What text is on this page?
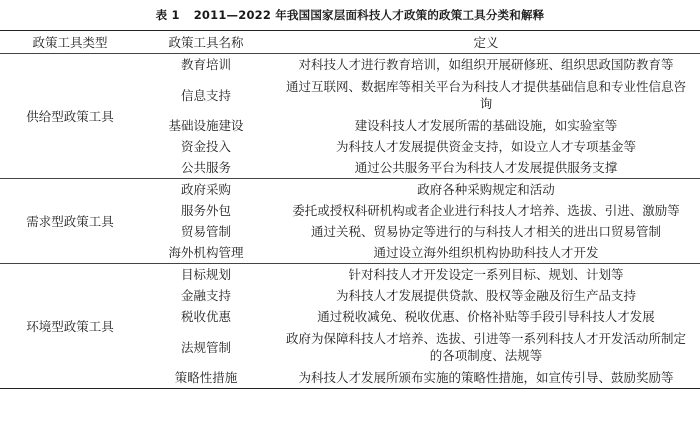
表 1 2011—2022 年我国国家层面科技人才政策的政策工具分类和解释
政策工具类型	政策工具名称	定义
供给型政策工具	教育培训	对科技人才进行教育培训，如组织开展研修班、组织思政国防教育等
	信息支持	通过互联网、数据库等相关平台为科技人才提供基础信息和专业性信息咨询
	基础设施建设	建设科技人才发展所需的基础设施，如实验室等
	资金投入	为科技人才发展提供资金支持，如设立人才专项基金等
	公共服务	通过公共服务平台为科技人才发展提供服务支撑
需求型政策工具	政府采购	政府各种采购规定和活动
	服务外包	委托或授权科研机构或者企业进行科技人才培养、选拔、引进、激励等
	贸易管制	通过关税、贸易协定等进行的与科技人才相关的进出口贸易管制
	海外机构管理	通过设立海外组织机构协助科技人才开发
环境型政策工具	目标规划	针对科技人才开发设定一系列目标、规划、计划等
	金融支持	为科技人才发展提供贷款、股权等金融及衍生产品支持
	税收优惠	通过税收减免、税收优惠、价格补贴等手段引导科技人才发展
	法规管制	政府为保障科技人才培养、选拔、引进等一系列科技人才开发活动所制定的各项制度、法规等
	策略性措施	为科技人才发展所颁布实施的策略性措施，如宣传引导、鼓励奖励等
